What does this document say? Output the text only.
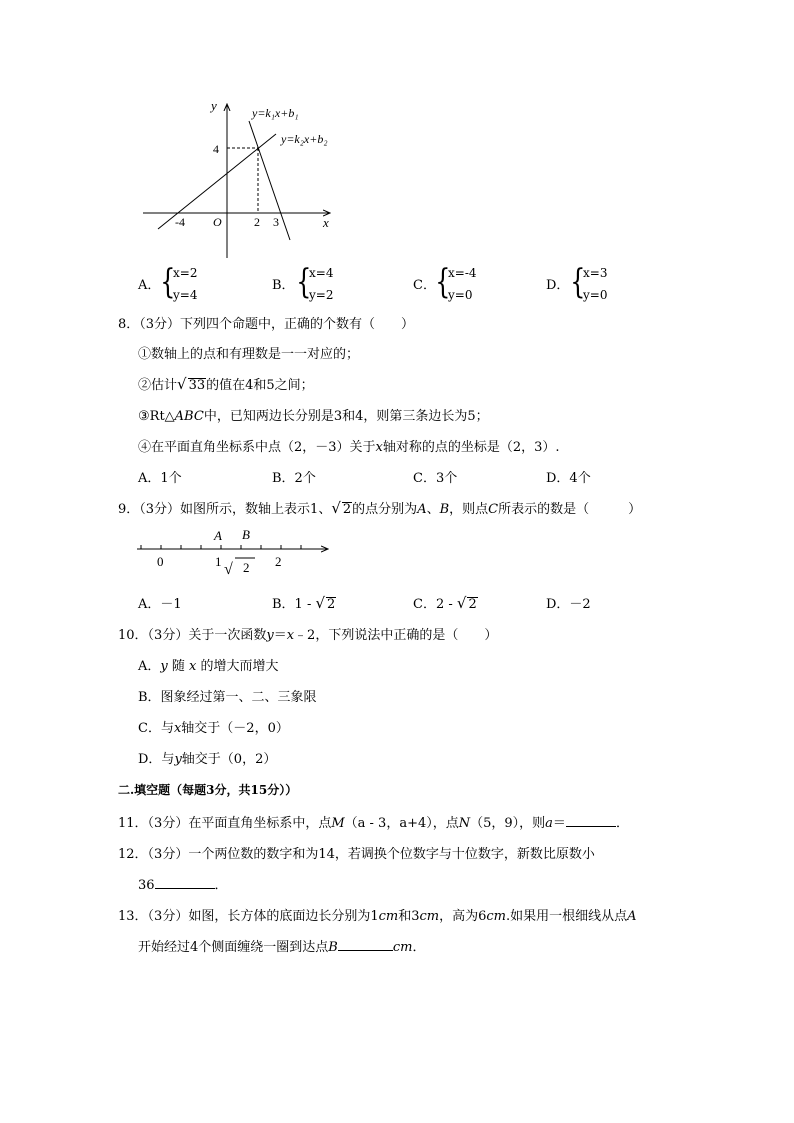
y
x
O
y=k₁x+b₁
y=k₂x+b₂
4
-4	2 3
A． {
x=2
y=4
B． {
x=4
y=2
C． {
x=-4
y=0
D． {
x=3
y=0
8．（3分）下列四个命题中，正确的个数有（　　）
①数轴上的点和有理数是一一对应的；
②估计√ 33的值在4和5之间；
③Rt△ABC中，已知两边长分别是3和4，则第三条边长为5；
④在平面直角坐标系中点（2，－3）关于x轴对称的点的坐标是（2，3）.
A．1个	B．2个	C．3个	D．4个
9．（3分）如图所示，数轴上表示1、√ 2的点分别为A、B，则点C所表示的数是（　　　）
0	1	2
A B
√ 2
A．－1	B．1 - √ 2	C．2 - √ 2	D．－2
10．（3分）关于一次函数y＝x﹣2，下列说法中正确的是（　　）
A．y 随 x 的增大而增大
B．图象经过第一、二、三象限
C．与x轴交于（－2，0）
D．与y轴交于（0，2）
二.填空题（每题3分，共15分））
11．（3分）在平面直角坐标系中，点M（a - 3，a+4），点N（5，9），则a＝	．
12．（3分）一个两位数的数字和为14，若调换个位数字与十位数字，新数比原数小
36	．
13．（3分）如图，长方体的底面边长分别为1cm和3cm，高为6cm.如果用一根细线从点A
开始经过4个侧面缠绕一圈到达点B	cm．
